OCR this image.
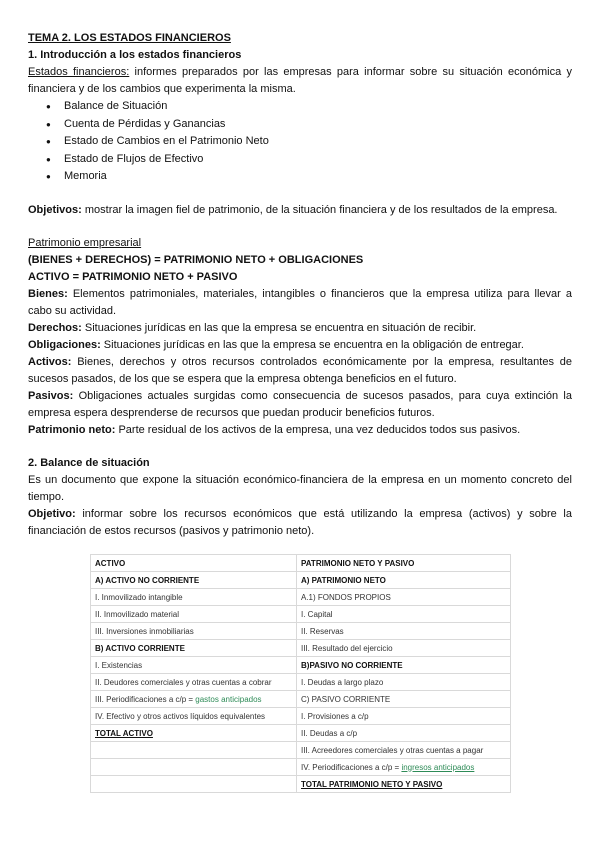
TEMA 2. LOS ESTADOS FINANCIEROS

1. Introducción a los estados financieros

Estados financieros: informes preparados por las empresas para informar sobre su situación económica y financiera y de los cambios que experimenta la misma.

● Balance de Situación
● Cuenta de Pérdidas y Ganancias
● Estado de Cambios en el Patrimonio Neto
● Estado de Flujos de Efectivo
● Memoria

Objetivos: mostrar la imagen fiel de patrimonio, de la situación financiera y de los resultados de la empresa.

Patrimonio empresarial

(BIENES + DERECHOS) = PATRIMONIO NETO + OBLIGACIONES

ACTIVO = PATRIMONIO NETO + PASIVO

Bienes: Elementos patrimoniales, materiales, intangibles o financieros que la empresa utiliza para llevar a cabo su actividad.

Derechos: Situaciones jurídicas en las que la empresa se encuentra en situación de recibir.

Obligaciones: Situaciones jurídicas en las que la empresa se encuentra en la obligación de entregar.

Activos: Bienes, derechos y otros recursos controlados económicamente por la empresa, resultantes de sucesos pasados, de los que se espera que la empresa obtenga beneficios en el futuro.

Pasivos: Obligaciones actuales surgidas como consecuencia de sucesos pasados, para cuya extinción la empresa espera desprenderse de recursos que puedan producir beneficios futuros.

Patrimonio neto: Parte residual de los activos de la empresa, una vez deducidos todos sus pasivos.

2. Balance de situación

Es un documento que expone la situación económico-financiera de la empresa en un momento concreto del tiempo.

Objetivo: informar sobre los recursos económicos que está utilizando la empresa (activos) y sobre la financiación de estos recursos (pasivos y patrimonio neto).

ACTIVO	PATRIMONIO NETO Y PASIVO
A) ACTIVO NO CORRIENTE	A) PATRIMONIO NETO
I. Inmovilizado intangible	A.1) FONDOS PROPIOS
II. Inmovilizado material	I. Capital
III. Inversiones inmobiliarias	II. Reservas
B) ACTIVO CORRIENTE	III. Resultado del ejercicio
I. Existencias	B)PASIVO NO CORRIENTE
II. Deudores comerciales y otras cuentas a cobrar	I. Deudas a largo plazo
III. Periodificaciones a c/p = gastos anticipados	C) PASIVO CORRIENTE
IV. Efectivo y otros activos líquidos equivalentes	I. Provisiones a c/p
TOTAL ACTIVO	II. Deudas a c/p
	III. Acreedores comerciales y otras cuentas a pagar
	IV. Periodificaciones a c/p = ingresos anticipados
	TOTAL PATRIMONIO NETO Y PASIVO
